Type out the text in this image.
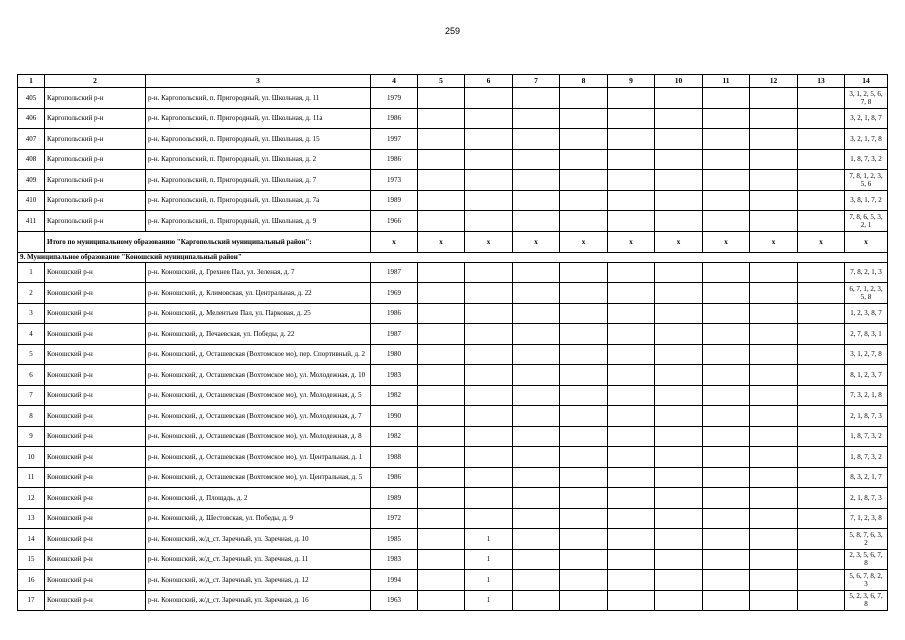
259
1	2	3	4	5	6	7	8	9	10	11	12	13	14
405	Каргопольский р-н	р-н. Каргопольский, п. Пригородный, ул. Школьная, д. 11	1979										3, 1, 2, 5, 6, 7, 8
406	Каргопольский р-н	р-н. Каргопольский, п. Пригородный, ул. Школьная, д. 11а	1986										3, 2, 1, 8, 7
407	Каргопольский р-н	р-н. Каргопольский, п. Пригородный, ул. Школьная, д. 15	1997										3, 2, 1, 7, 8
408	Каргопольский р-н	р-н. Каргопольский, п. Пригородный, ул. Школьная, д. 2	1986										1, 8, 7, 3, 2
409	Каргопольский р-н	р-н. Каргопольский, п. Пригородный, ул. Школьная, д. 7	1973										7, 8, 1, 2, 3, 5, 6
410	Каргопольский р-н	р-н. Каргопольский, п. Пригородный, ул. Школьная, д. 7а	1989										3, 8, 1, 7, 2
411	Каргопольский р-н	р-н. Каргопольский, п. Пригородный, ул. Школьная, д. 9	1966										7, 8, 6, 5, 3, 2, 1
	Итого по муниципальному образованию "Каргопольский муниципальный район":		x	x	x	x	x	x	x	x	x	x	x
9. Муниципальное образование "Коношский муниципальный район"													
1	Коношский р-н	р-н. Коношский, д. Грехнев Пал, ул. Зеленая, д. 7	1987										7, 8, 2, 1, 3
2	Коношский р-н	р-н. Коношский, д. Климовская, ул. Центральная, д. 22	1969										6, 7, 1, 2, 3, 5, 8
3	Коношский р-н	р-н. Коношский, д. Мелентьев Пал, ул. Парковая, д. 25	1986										1, 2, 3, 8, 7
4	Коношский р-н	р-н. Коношский, д. Печаевская, ул. Победы, д. 22	1987										2, 7, 8, 3, 1
5	Коношский р-н	р-н. Коношский, д. Осташевская (Вохтомское мо), пер. Спортивный, д. 2	1980										3, 1, 2, 7, 8
6	Коношский р-н	р-н. Коношский, д. Осташевская (Вохтомское мо), ул. Молодежная, д. 10	1983										8, 1, 2, 3, 7
7	Коношский р-н	р-н. Коношский, д. Осташевская (Вохтомское мо), ул. Молодежная, д. 5	1982										7, 3, 2, 1, 8
8	Коношский р-н	р-н. Коношский, д. Осташевская (Вохтомское мо), ул. Молодежная, д. 7	1990										2, 1, 8, 7, 3
9	Коношский р-н	р-н. Коношский, д. Осташевская (Вохтомское мо), ул. Молодежная, д. 8	1982										1, 8, 7, 3, 2
10	Коношский р-н	р-н. Коношский, д. Осташевская (Вохтомское мо), ул. Центральная, д. 1	1988										1, 8, 7, 3, 2
11	Коношский р-н	р-н. Коношский, д. Осташевская (Вохтомское мо), ул. Центральная, д. 5	1986										8, 3, 2, 1, 7
12	Коношский р-н	р-н. Коношский, д. Площадь, д. 2	1989										2, 1, 8, 7, 3
13	Коношский р-н	р-н. Коношский, д. Шестовская, ул. Победы, д. 9	1972										7, 1, 2, 3, 8
14	Коношский р-н	р-н. Коношский, ж/д_ст. Заречный, ул. Заречная, д. 10	1985		1								5, 8, 7, 6, 3, 2
15	Коношский р-н	р-н. Коношский, ж/д_ст. Заречный, ул. Заречная, д. 11	1983		1								2, 3, 5, 6, 7, 8
16	Коношский р-н	р-н. Коношский, ж/д_ст. Заречный, ул. Заречная, д. 12	1994		1								5, 6, 7, 8, 2, 3
17	Коношский р-н	р-н. Коношский, ж/д_ст. Заречный, ул. Заречная, д. 16	1963		1								5, 2, 3, 6, 7, 8
